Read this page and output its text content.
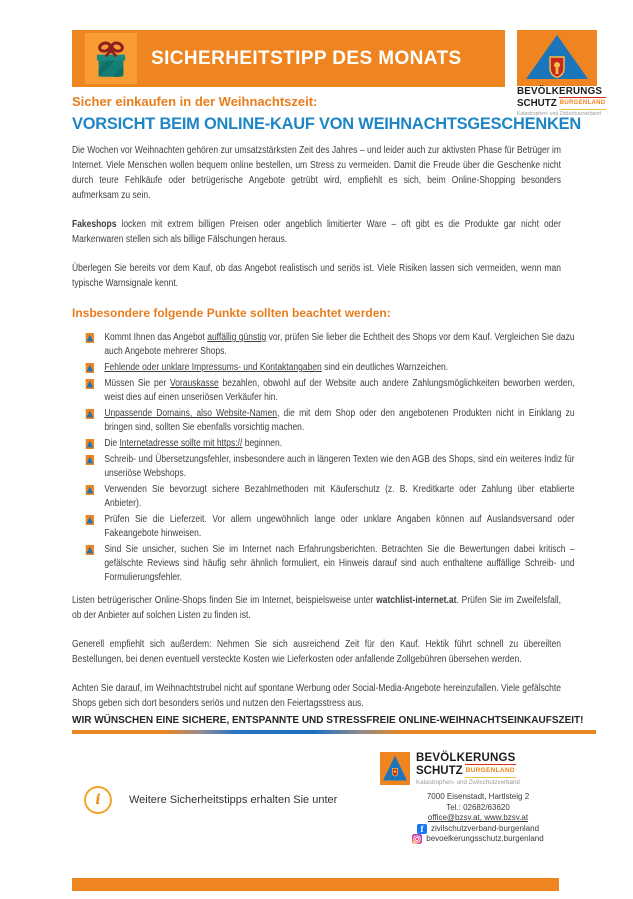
SICHERHEITSTIPP DES MONATS
BEVÖLKERUNGS
SCHUTZ BURGENLAND
Katastrophen- und Zivilschutzverband
Sicher einkaufen in der Weihnachtszeit:
VORSICHT BEIM ONLINE-KAUF VON WEIHNACHTSGESCHENKEN

Die Wochen vor Weihnachten gehören zur umsatzstärksten Zeit des Jahres – und leider auch zur aktivsten Phase für Betrüger im Internet. Viele Menschen wollen bequem online bestellen, um Stress zu vermeiden. Damit die Freude über die Geschenke nicht durch teure Fehlkäufe oder betrügerische Angebote getrübt wird, empfiehlt es sich, beim Online-Shopping besonders aufmerksam zu sein.

Fakeshops locken mit extrem billigen Preisen oder angeblich limitierter Ware – oft gibt es die Produkte gar nicht oder Markenwaren stellen sich als billige Fälschungen heraus.

Überlegen Sie bereits vor dem Kauf, ob das Angebot realistisch und seriös ist. Viele Risiken lassen sich vermeiden, wenn man typische Warnsignale kennt.

Insbesondere folgende Punkte sollten beachtet werden:
Kommt Ihnen das Angebot auffällig günstig vor, prüfen Sie lieber die Echtheit des Shops vor dem Kauf. Vergleichen Sie dazu auch Angebote mehrerer Shops.
Fehlende oder unklare Impressums- und Kontaktangaben sind ein deutliches Warnzeichen.
Müssen Sie per Vorauskasse bezahlen, obwohl auf der Website auch andere Zahlungsmöglichkeiten beworben werden, weist dies auf einen unseriösen Verkäufer hin.
Unpassende Domains, also Website-Namen, die mit dem Shop oder den angebotenen Produkten nicht in Einklang zu bringen sind, sollten Sie ebenfalls vorsichtig machen.
Die Internetadresse sollte mit https:// beginnen.
Schreib- und Übersetzungsfehler, insbesondere auch in längeren Texten wie den AGB des Shops, sind ein weiteres Indiz für unseriöse Webshops.
Verwenden Sie bevorzugt sichere Bezahlmethoden mit Käuferschutz (z. B. Kreditkarte oder Zahlung über etablierte Anbieter).
Prüfen Sie die Lieferzeit. Vor allem ungewöhnlich lange oder unklare Angaben können auf Auslandsversand oder Fakeangebote hinweisen.
Sind Sie unsicher, suchen Sie im Internet nach Erfahrungsberichten. Betrachten Sie die Bewertungen dabei kritisch – gefälschte Reviews sind häufig sehr ähnlich formuliert, ein Hinweis darauf sind auch enthaltene auffällige Schreib- und Formulierungsfehler.

Listen betrügerischer Online-Shops finden Sie im Internet, beispielsweise unter watchlist-internet.at. Prüfen Sie im Zweifelsfall, ob der Anbieter auf solchen Listen zu finden ist.

Generell empfiehlt sich außerdem: Nehmen Sie sich ausreichend Zeit für den Kauf. Hektik führt schnell zu übereilten Bestellungen, bei denen eventuell versteckte Kosten wie Lieferkosten oder anfallende Zollgebühren übersehen werden.

Achten Sie darauf, im Weihnachtstrubel nicht auf spontane Werbung oder Social-Media-Angebote hereinzufallen. Viele gefälschte Shops geben sich dort besonders seriös und nutzen den Feiertagsstress aus.

WIR WÜNSCHEN EINE SICHERE, ENTSPANNTE UND STRESSFREIE ONLINE-WEIHNACHTSEINKAUFSZEIT!
BEVÖLKERUNGS
SCHUTZ BURGENLAND
Katastrophen- und Zivilschutzverband
7000 Eisenstadt, Hartlsteig 2
Tel.: 02682/63620
office@bzsv.at, www.bzsv.at
f zivilschutzverband-burgenland
bevoelkerungsschutz.burgenland
i	Weitere Sicherheitstipps erhalten Sie unter
